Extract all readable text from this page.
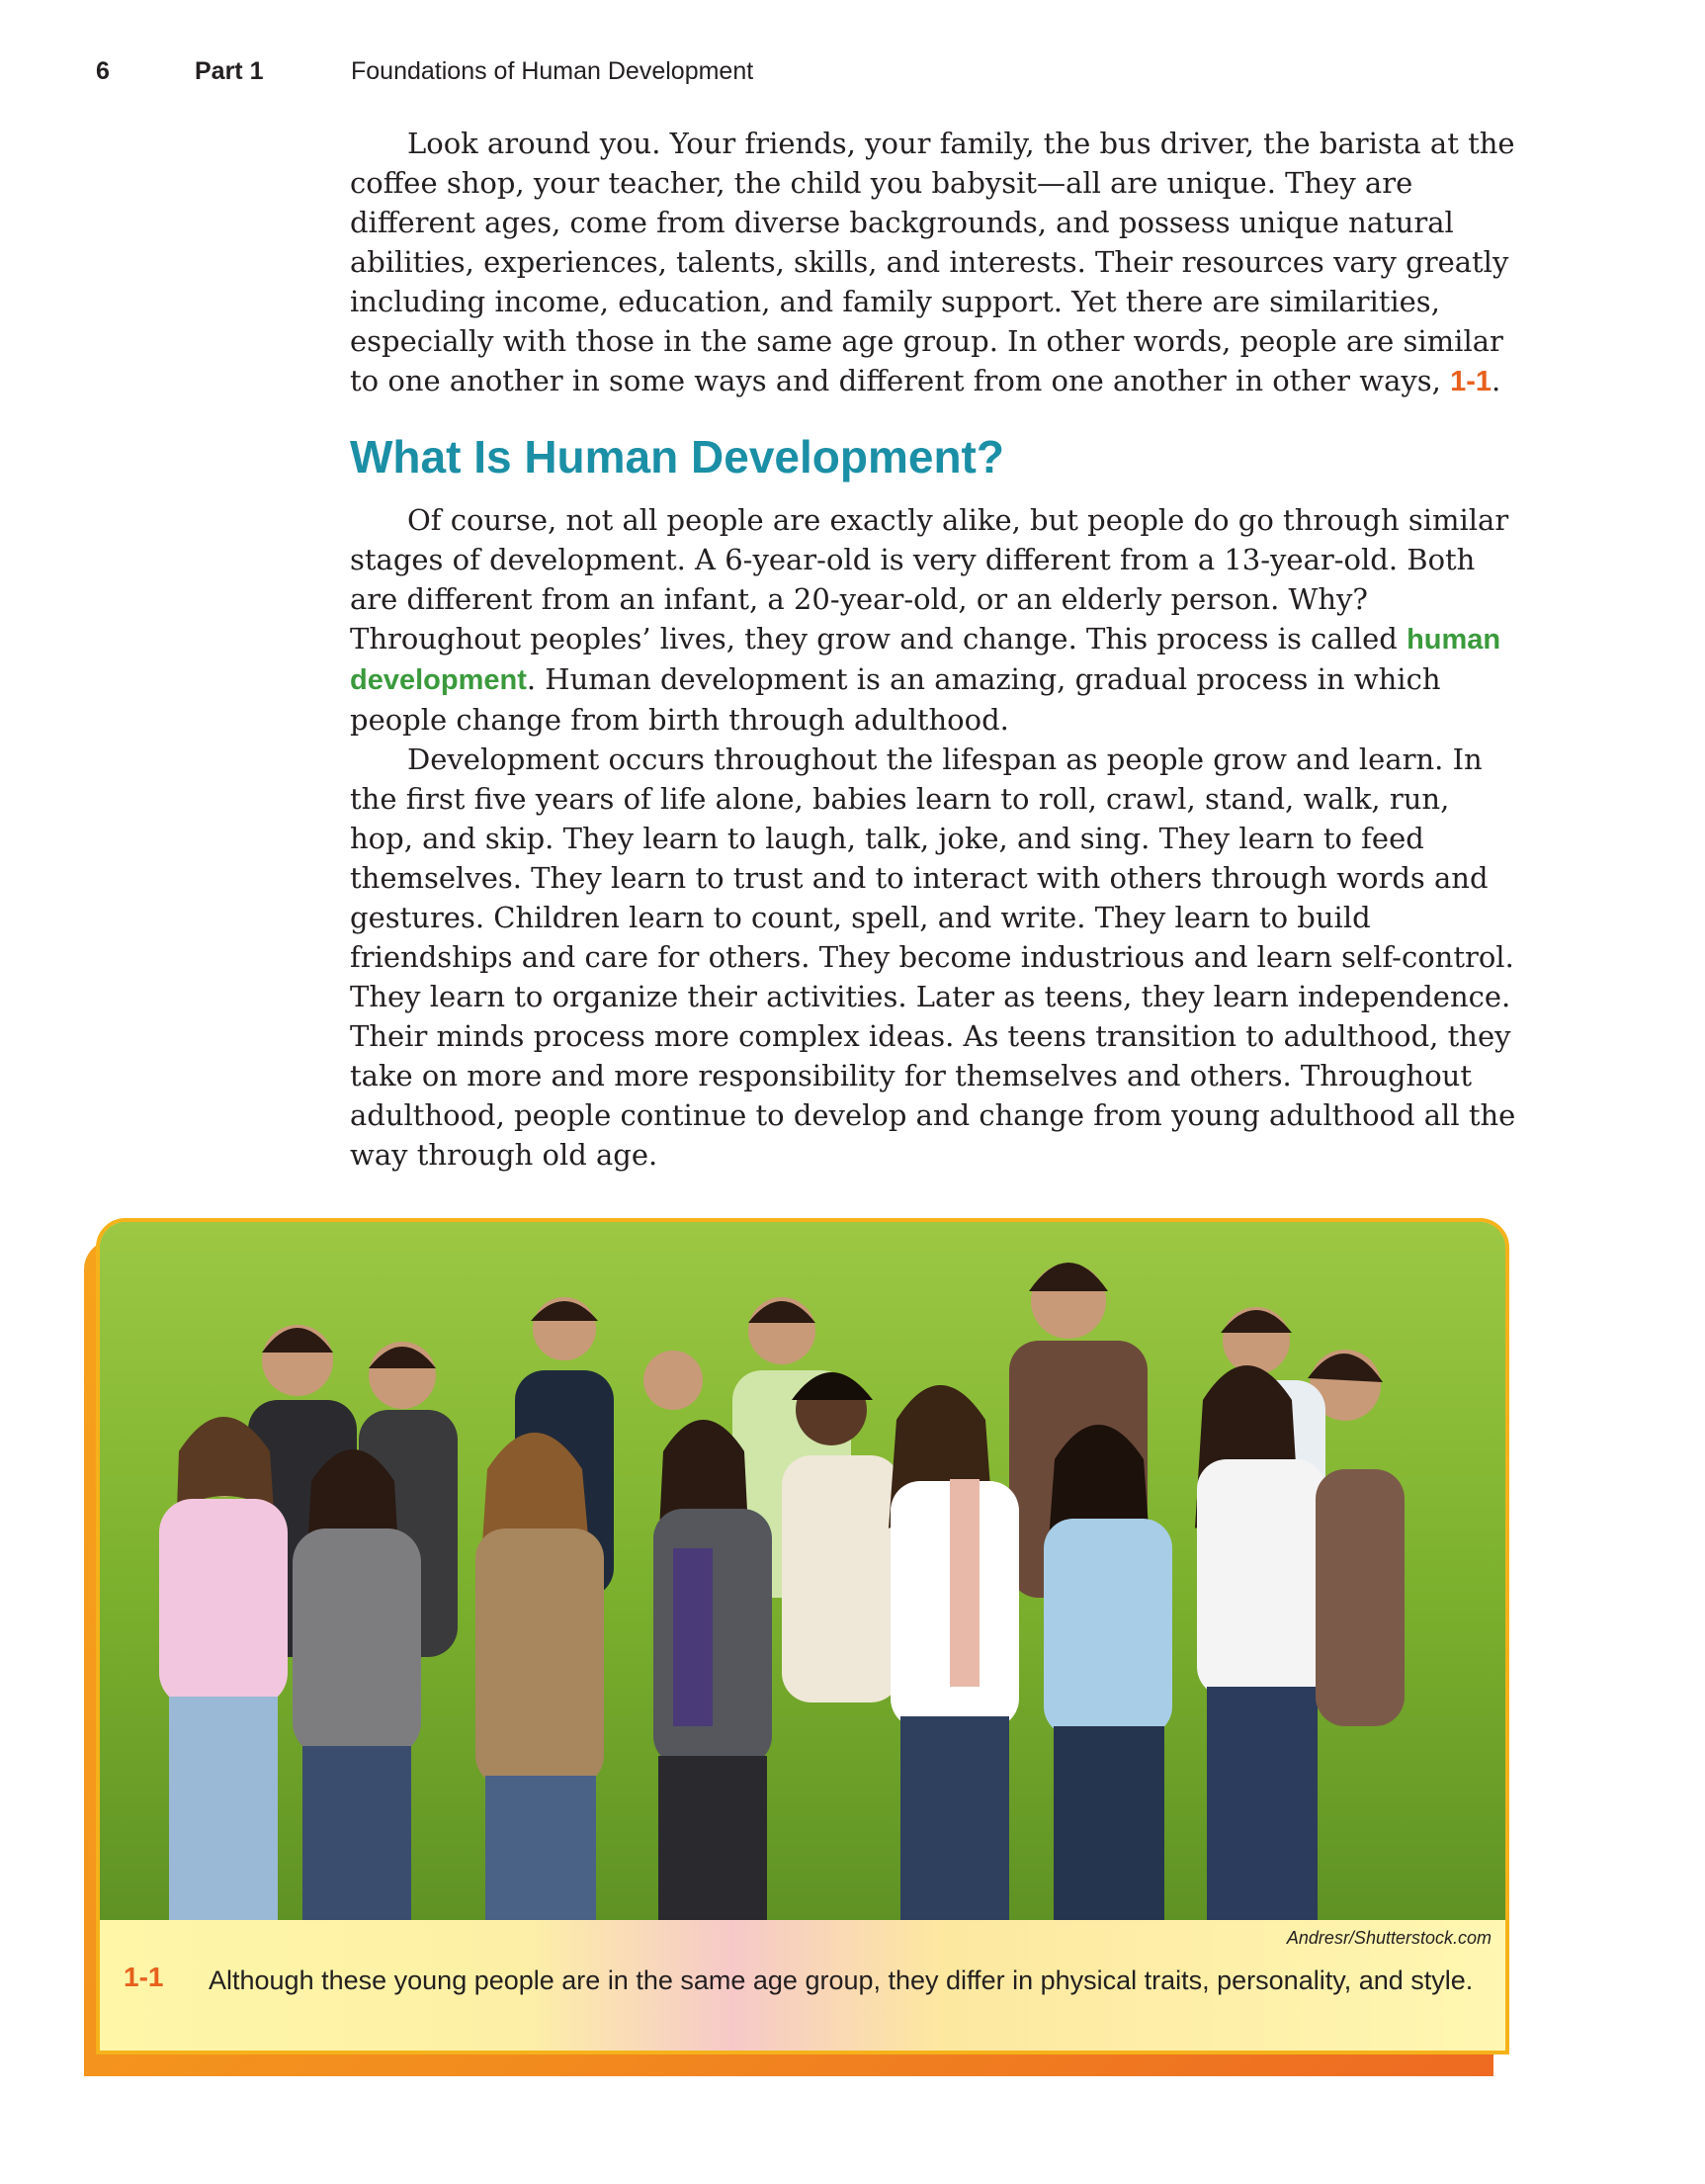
6	Part 1	Foundations of Human Development

Look around you. Your friends, your family, the bus driver, the barista at the coffee shop, your teacher, the child you babysit—all are unique. They are different ages, come from diverse backgrounds, and possess unique natural abilities, experiences, talents, skills, and interests. Their resources vary greatly including income, education, and family support. Yet there are similarities, especially with those in the same age group. In other words, people are similar to one another in some ways and different from one another in other ways, 1-1.

What Is Human Development?

Of course, not all people are exactly alike, but people do go through similar stages of development. A 6-year-old is very different from a 13-year-old. Both are different from an infant, a 20-year-old, or an elderly person. Why? Throughout peoples’ lives, they grow and change. This process is called human development. Human development is an amazing, gradual process in which people change from birth through adulthood.

Development occurs throughout the lifespan as people grow and learn. In the first five years of life alone, babies learn to roll, crawl, stand, walk, run, hop, and skip. They learn to laugh, talk, joke, and sing. They learn to feed themselves. They learn to trust and to interact with others through words and gestures. Children learn to count, spell, and write. They learn to build friendships and care for others. They become industrious and learn self-control. They learn to organize their activities. Later as teens, they learn independence. Their minds process more complex ideas. As teens transition to adulthood, they take on more and more responsibility for themselves and others. Throughout adulthood, people continue to develop and change from young adulthood all the way through old age.

Andresr/Shutterstock.com
1-1 Although these young people are in the same age group, they differ in physical traits, personality, and style.
